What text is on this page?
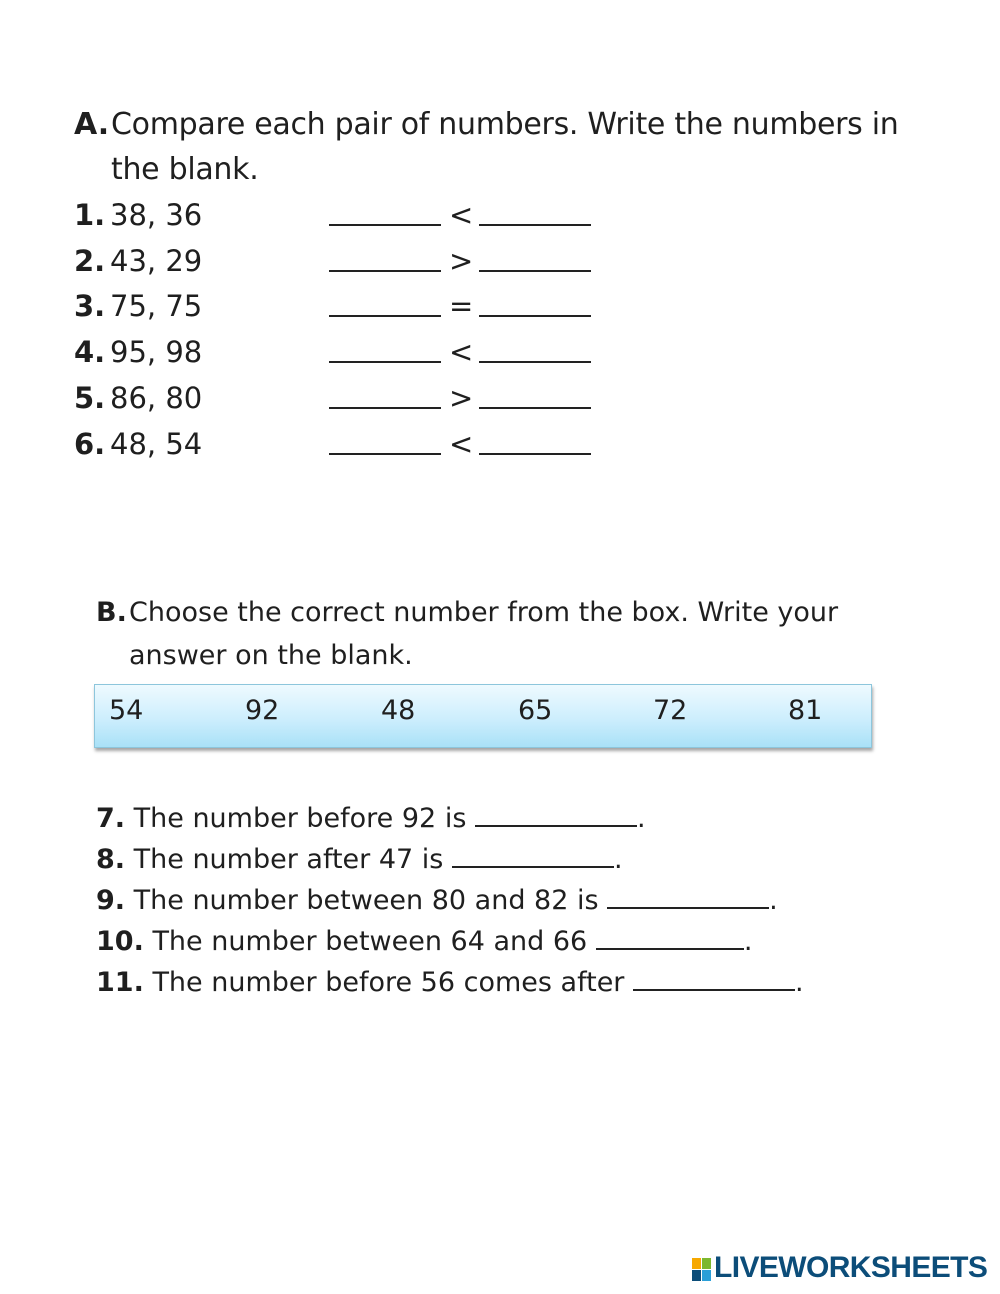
A. Compare each pair of numbers. Write the numbers in
the blank.
1. 38, 36	<
2. 43, 29	>
3. 75, 75	=
4. 95, 98	<
5. 86, 80	>
6. 48, 54	<
B. Choose the correct number from the box. Write your
answer on the blank.
54	92	48	65	72	81
7. The number before 92 is	.
8. The number after 47 is	.
9. The number between 80 and 82 is	.
10. The number between 64 and 66	.
11. The number before 56 comes after	.
LIVEWORKSHEETS
